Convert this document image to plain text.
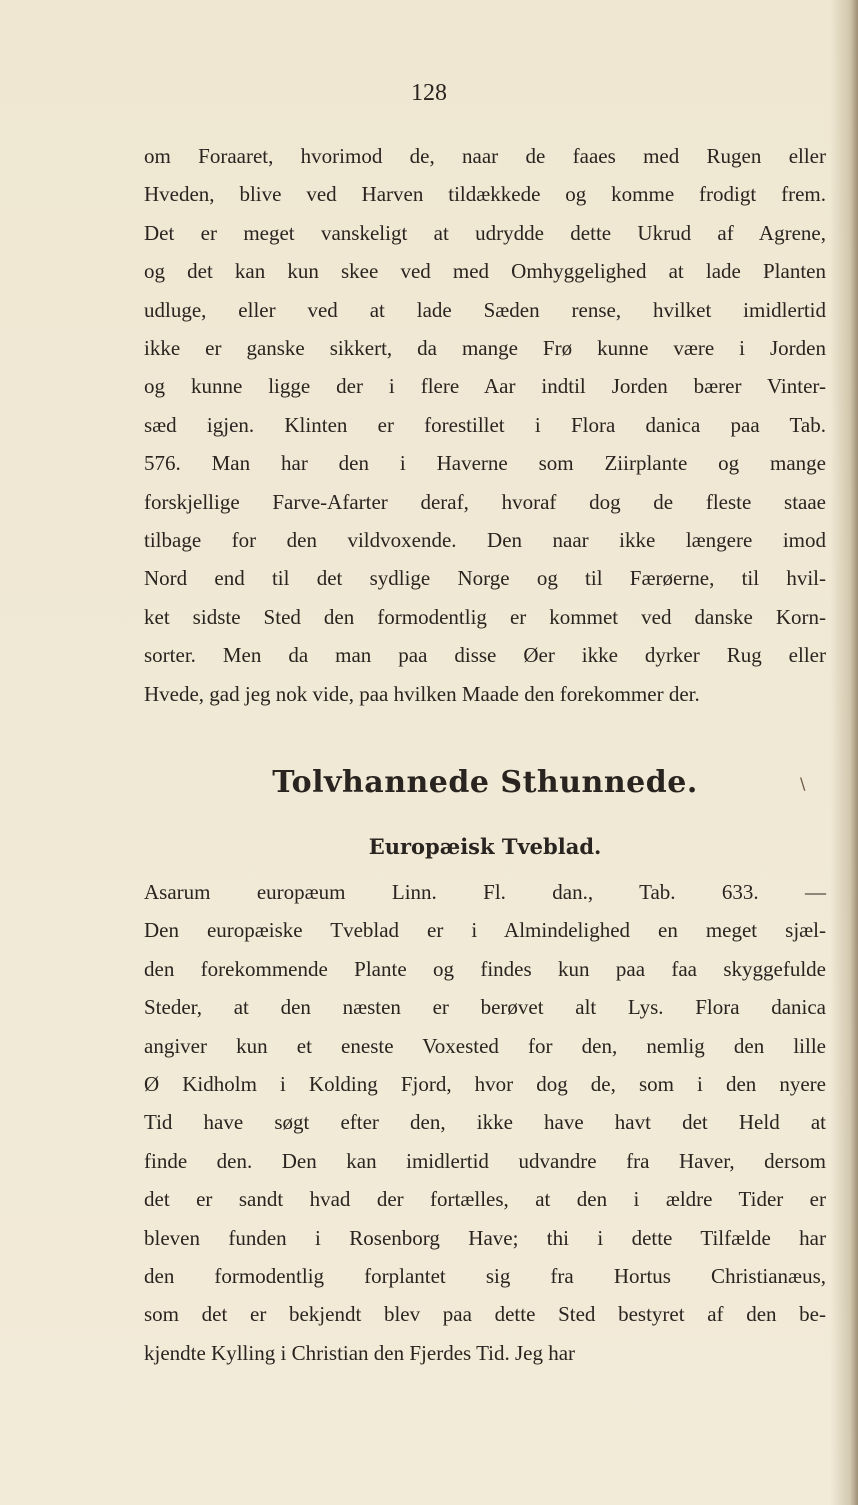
128
om Foraaret, hvorimod de, naar de faaes med Rugen eller
Hveden, blive ved Harven tildækkede og komme frodigt frem.
Det er meget vanskeligt at udrydde dette Ukrud af Agrene,
og det kan kun skee ved med Omhyggelighed at lade Planten
udluge, eller ved at lade Sæden rense, hvilket imidlertid
ikke er ganske sikkert, da mange Frø kunne være i Jorden
og kunne ligge der i flere Aar indtil Jorden bærer Vinter-
sæd igjen. Klinten er forestillet i Flora danica paa Tab.
576. Man har den i Haverne som Ziirplante og mange
forskjellige Farve-Afarter deraf, hvoraf dog de fleste staae
tilbage for den vildvoxende. Den naar ikke længere imod
Nord end til det sydlige Norge og til Færøerne, til hvil-
ket sidste Sted den formodentlig er kommet ved danske Korn-
sorter. Men da man paa disse Øer ikke dyrker Rug eller
Hvede, gad jeg nok vide, paa hvilken Maade den forekommer der.
Tolvhannede Sthunnede.
Europæisk Tveblad.
Asarum europæum Linn. Fl. dan., Tab. 633. —
Den europæiske Tveblad er i Almindelighed en meget sjæl-
den forekommende Plante og findes kun paa faa skyggefulde
Steder, at den næsten er berøvet alt Lys. Flora danica
angiver kun et eneste Voxested for den, nemlig den lille
Ø Kidholm i Kolding Fjord, hvor dog de, som i den nyere
Tid have søgt efter den, ikke have havt det Held at
finde den. Den kan imidlertid udvandre fra Haver, dersom
det er sandt hvad der fortælles, at den i ældre Tider er
bleven funden i Rosenborg Have; thi i dette Tilfælde har
den formodentlig forplantet sig fra Hortus Christianæus,
som det er bekjendt blev paa dette Sted bestyret af den be-
kjendte Kylling i Christian den Fjerdes Tid. Jeg har
\
